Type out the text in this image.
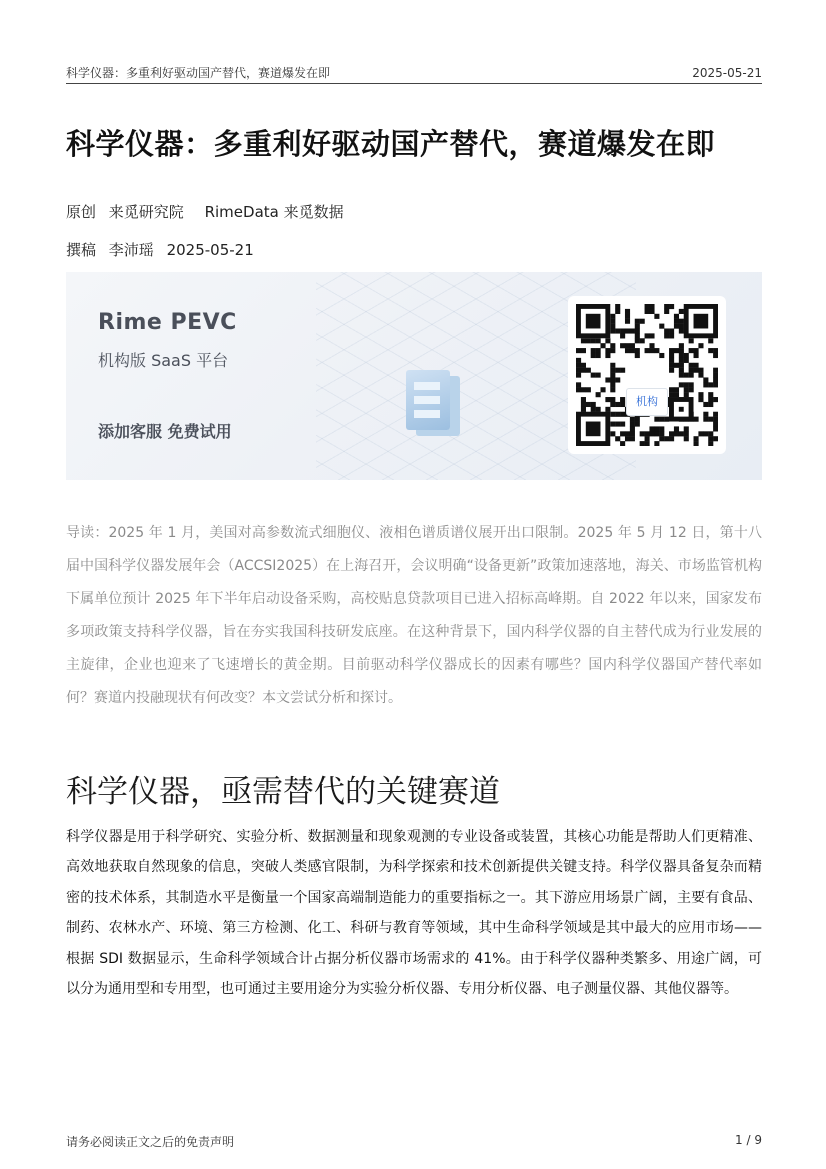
科学仪器：多重利好驱动国产替代，赛道爆发在即	2025-05-21
科学仪器：多重利好驱动国产替代，赛道爆发在即
原创 来觅研究院 RimeData 来觅数据
撰稿 李沛瑶 2025-05-21
Rime PEVC
机构版 SaaS 平台
添加客服 免费试用
机构

导读：2025 年 1 月，美国对高参数流式细胞仪、液相色谱质谱仪展开出口限制。2025 年 5 月 12 日，第十八届中国科学仪器发展年会（ACCSI2025）在上海召开，会议明确“设备更新”政策加速落地，海关、市场监管机构下属单位预计 2025 年下半年启动设备采购，高校贴息贷款项目已进入招标高峰期。自 2022 年以来，国家发布多项政策支持科学仪器，旨在夯实我国科技研发底座。在这种背景下，国内科学仪器的自主替代成为行业发展的主旋律，企业也迎来了飞速增长的黄金期。目前驱动科学仪器成长的因素有哪些？国内科学仪器国产替代率如何？赛道内投融现状有何改变？本文尝试分析和探讨。

科学仪器，亟需替代的关键赛道

科学仪器是用于科学研究、实验分析、数据测量和现象观测的专业设备或装置，其核心功能是帮助人们更精准、高效地获取自然现象的信息，突破人类感官限制，为科学探索和技术创新提供关键支持。科学仪器具备复杂而精密的技术体系，其制造水平是衡量一个国家高端制造能力的重要指标之一。其下游应用场景广阔，主要有食品、制药、农林水产、环境、第三方检测、化工、科研与教育等领域，其中生命科学领域是其中最大的应用市场——根据 SDI 数据显示，生命科学领域合计占据分析仪器市场需求的 41%。由于科学仪器种类繁多、用途广阔，可以分为通用型和专用型，也可通过主要用途分为实验分析仪器、专用分析仪器、电子测量仪器、其他仪器等。

请务必阅读正文之后的免责声明	1 / 9
